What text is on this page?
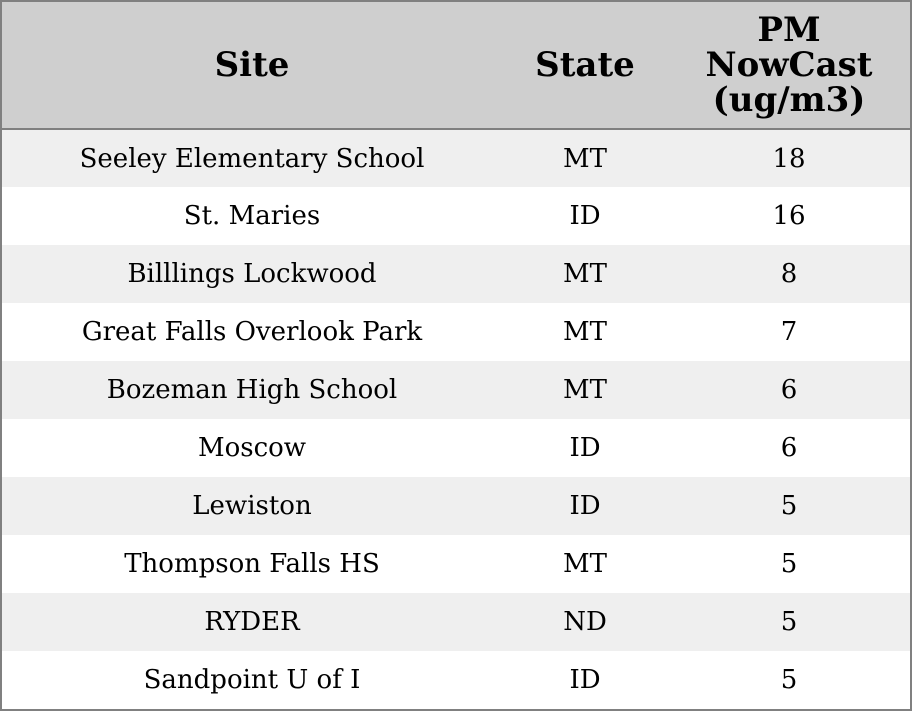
Site	State	PM
NowCast
(ug/m3)
Seeley Elementary School	MT	18
St. Maries	ID	16
Billlings Lockwood	MT	8
Great Falls Overlook Park	MT	7
Bozeman High School	MT	6
Moscow	ID	6
Lewiston	ID	5
Thompson Falls HS	MT	5
RYDER	ND	5
Sandpoint U of I	ID	5
